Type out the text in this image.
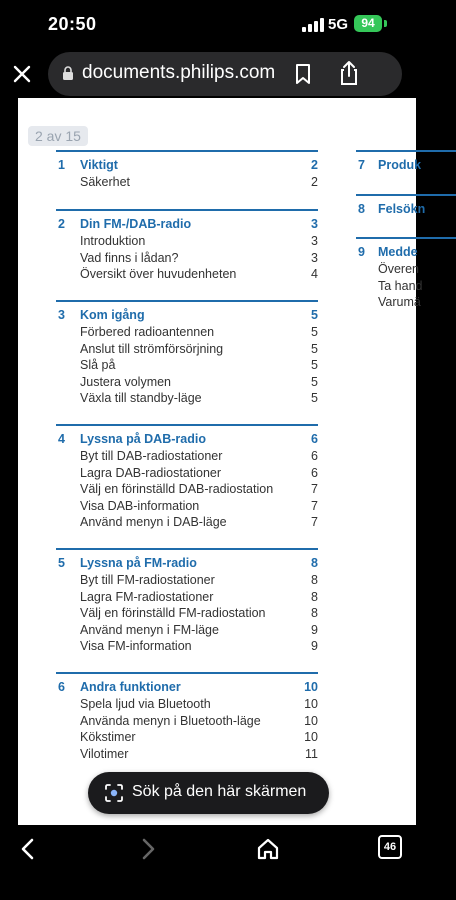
20:50	5G	94
documents.philips.com
2 av 15
1 Viktigt	2
Säkerhet	2
2 Din FM-/DAB-radio	3
Introduktion	3
Vad finns i lådan?	3
Översikt över huvudenheten	4
3 Kom igång	5
Förbered radioantennen	5
Anslut till strömförsörjning	5
Slå på	5
Justera volymen	5
Växla till standby-läge	5
4 Lyssna på DAB-radio	6
Byt till DAB-radiostationer	6
Lagra DAB-radiostationer	6
Välj en förinställd DAB-radiostation	7
Visa DAB-information	7
Använd menyn i DAB-läge	7
5 Lyssna på FM-radio	8
Byt till FM-radiostationer	8
Lagra FM-radiostationer	8
Välj en förinställd FM-radiostation	8
Använd menyn i FM-läge	9
Visa FM-information	9
6 Andra funktioner	10
Spela ljud via Bluetooth	10
Använda menyn i Bluetooth-läge	10
Kökstimer	10
Vilotimer	11
7 Produk
8 Felsökn
9 Medde
Överen
Ta hand
Varumä
Sök på den här skärmen
46
